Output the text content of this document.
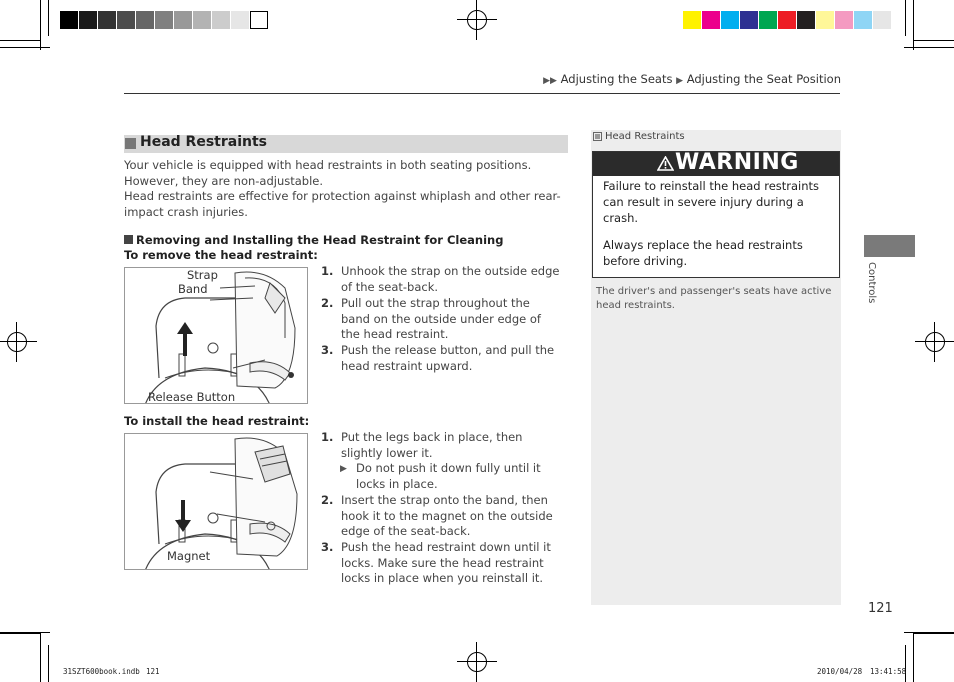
▶▶ Adjusting the Seats ▶ Adjusting the Seat Position
Head Restraints
Your vehicle is equipped with head restraints in both seating positions. However, they are non-adjustable.
Head restraints are effective for protection against whiplash and other rear-impact crash injuries.
Removing and Installing the Head Restraint for Cleaning
To remove the head restraint:
Strap
Band
Release Button
1. Unhook the strap on the outside edge of the seat-back.
2. Pull out the strap throughout the band on the outside under edge of the head restraint.
3. Push the release button, and pull the head restraint upward.
To install the head restraint:
Magnet
1. Put the legs back in place, then slightly lower it.
▶ Do not push it down fully until it locks in place.
2. Insert the strap onto the band, then hook it to the magnet on the outside edge of the seat-back.
3. Push the head restraint down until it locks. Make sure the head restraint locks in place when you reinstall it.
Head Restraints
WARNING
Failure to reinstall the head restraints can result in severe injury during a crash.
Always replace the head restraints before driving.
The driver's and passenger's seats have active head restraints.
Controls
121
31SZT600book.indb 121	2010/04/28 13:41:58
